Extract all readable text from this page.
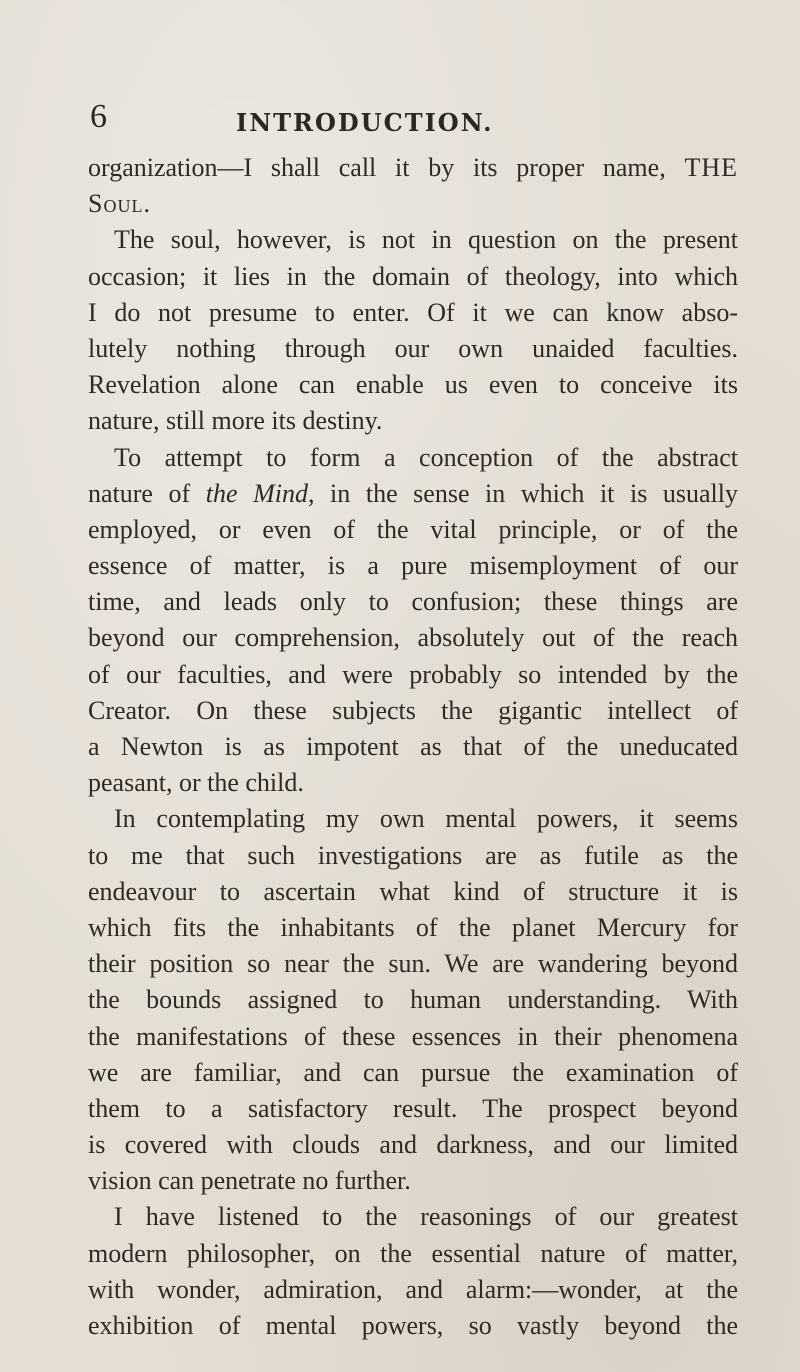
6	INTRODUCTION.
organization—I shall call it by its proper name, THE
Soul.
The soul, however, is not in question on the present
occasion; it lies in the domain of theology, into which
I do not presume to enter. Of it we can know abso-
lutely nothing through our own unaided faculties.
Revelation alone can enable us even to conceive its
nature, still more its destiny.
To attempt to form a conception of the abstract
nature of the Mind, in the sense in which it is usually
employed, or even of the vital principle, or of the
essence of matter, is a pure misemployment of our
time, and leads only to confusion; these things are
beyond our comprehension, absolutely out of the reach
of our faculties, and were probably so intended by the
Creator. On these subjects the gigantic intellect of
a Newton is as impotent as that of the uneducated
peasant, or the child.
In contemplating my own mental powers, it seems
to me that such investigations are as futile as the
endeavour to ascertain what kind of structure it is
which fits the inhabitants of the planet Mercury for
their position so near the sun. We are wandering beyond
the bounds assigned to human understanding. With
the manifestations of these essences in their phenomena
we are familiar, and can pursue the examination of
them to a satisfactory result. The prospect beyond
is covered with clouds and darkness, and our limited
vision can penetrate no further.
I have listened to the reasonings of our greatest
modern philosopher, on the essential nature of matter,
with wonder, admiration, and alarm:—wonder, at the
exhibition of mental powers, so vastly beyond the
